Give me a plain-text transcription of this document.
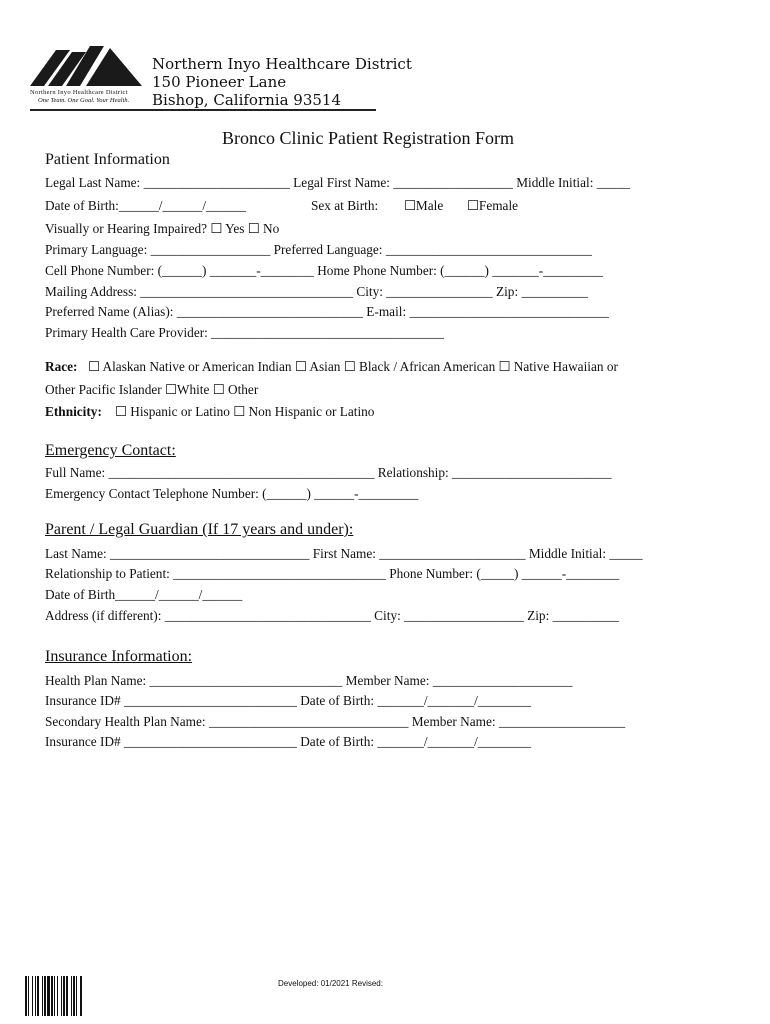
Northern Inyo Healthcare District
One Team. One Goal. Your Health.
Northern Inyo Healthcare District
150 Pioneer Lane
Bishop, California 93514
Bronco Clinic Patient Registration Form
Patient Information
Legal Last Name: ______________________ Legal First Name: __________________ Middle Initial: _____
Date of Birth:______/______/______	Sex at Birth: ☐Male ☐Female
Visually or Hearing Impaired? ☐ Yes ☐ No
Primary Language: __________________ Preferred Language: _______________________________
Cell Phone Number: (______) _______-________ Home Phone Number: (______) _______-_________
Mailing Address: ________________________________ City: ________________ Zip: __________
Preferred Name (Alias): ____________________________ E-mail: ______________________________
Primary Health Care Provider: ___________________________________
Race: ☐ Alaskan Native or American Indian ☐ Asian ☐ Black / African American ☐ Native Hawaiian or
Other Pacific Islander ☐White ☐ Other
Ethnicity: ☐ Hispanic or Latino ☐ Non Hispanic or Latino
Emergency Contact:
Full Name: ________________________________________ Relationship: ________________________
Emergency Contact Telephone Number: (______) ______-_________
Parent / Legal Guardian (If 17 years and under):
Last Name: ______________________________ First Name: ______________________ Middle Initial: _____
Relationship to Patient: ________________________________ Phone Number: (_____) ______-________
Date of Birth______/______/______
Address (if different): _______________________________ City: __________________ Zip: __________
Insurance Information:
Health Plan Name: _____________________________ Member Name: _____________________
Insurance ID# __________________________ Date of Birth: _______/_______/________
Secondary Health Plan Name: ______________________________ Member Name: ___________________
Insurance ID# __________________________ Date of Birth: _______/_______/________
Developed: 01/2021 Revised:
